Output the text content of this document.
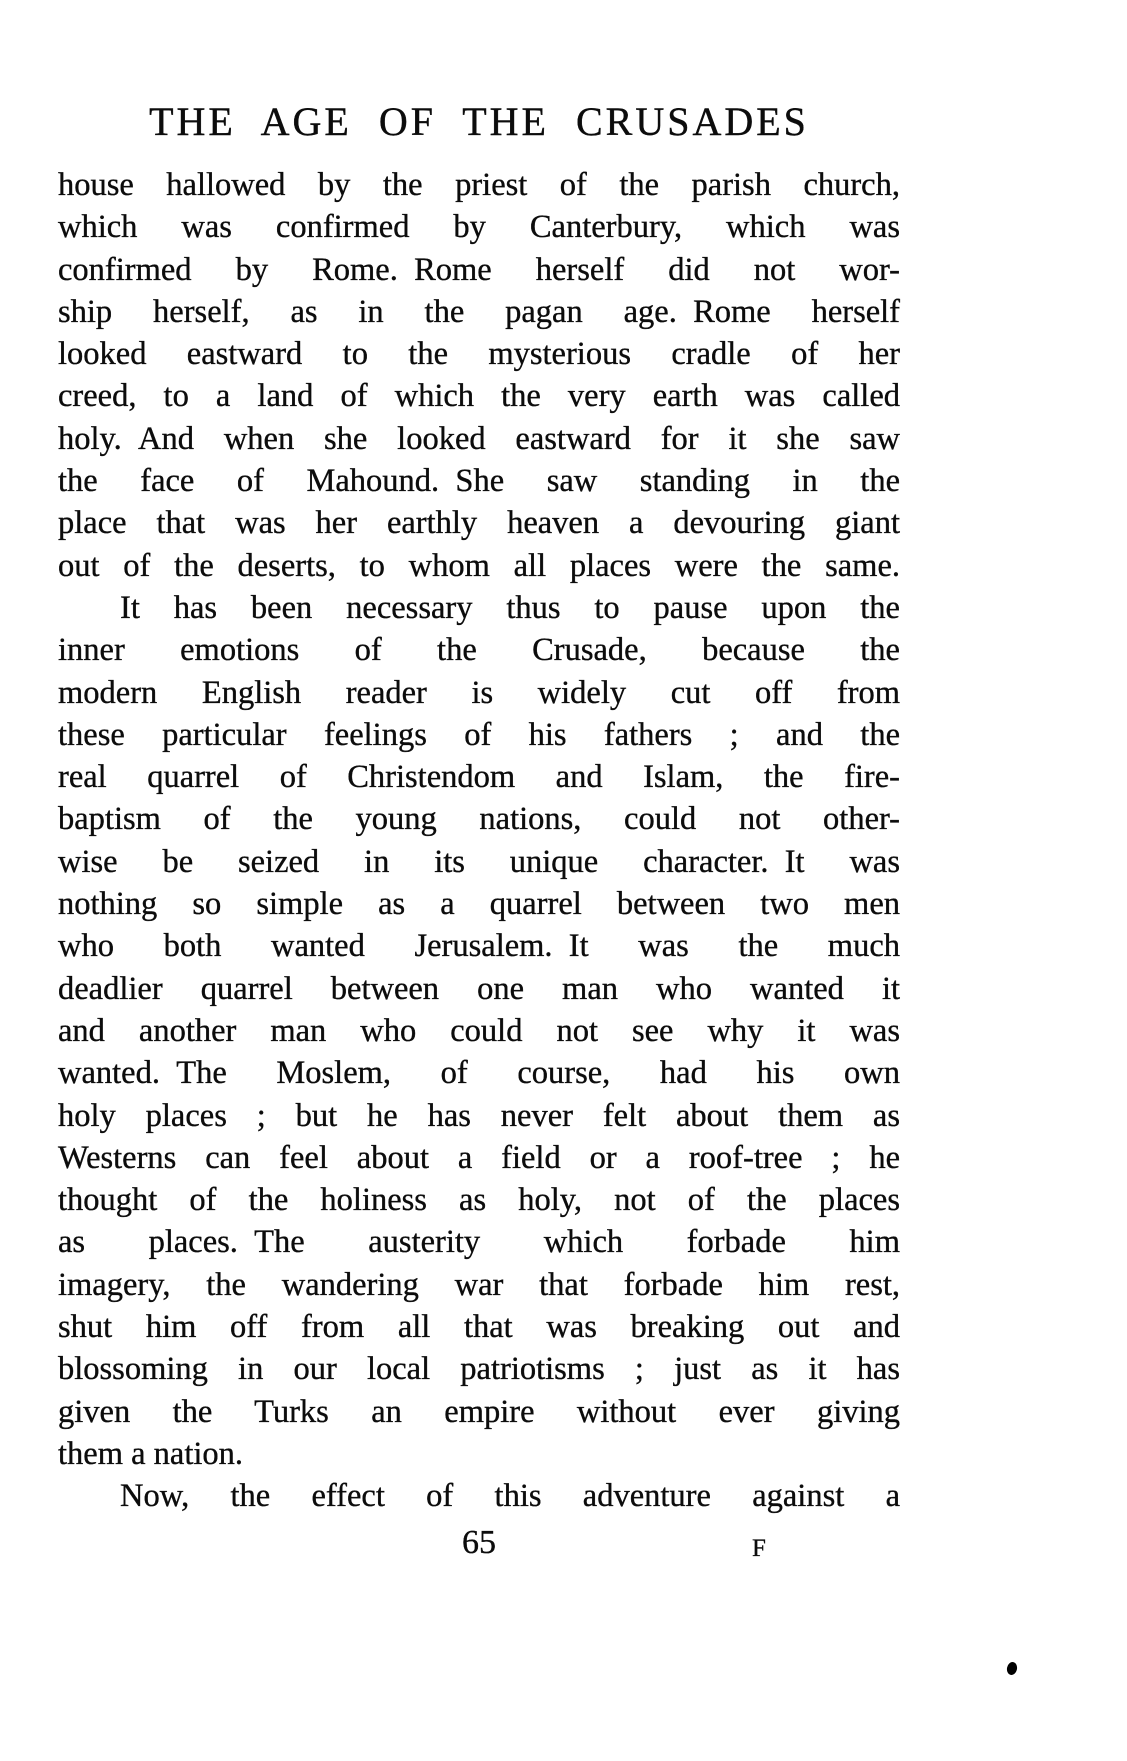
THE AGE OF THE CRUSADES
house hallowed by the priest of the parish church,
which was confirmed by Canterbury, which was
confirmed by Rome. Rome herself did not wor-
ship herself, as in the pagan age. Rome herself
looked eastward to the mysterious cradle of her
creed, to a land of which the very earth was called
holy. And when she looked eastward for it she saw
the face of Mahound. She saw standing in the
place that was her earthly heaven a devouring giant
out of the deserts, to whom all places were the same.
It has been necessary thus to pause upon the
inner emotions of the Crusade, because the
modern English reader is widely cut off from
these particular feelings of his fathers ; and the
real quarrel of Christendom and Islam, the fire-
baptism of the young nations, could not other-
wise be seized in its unique character. It was
nothing so simple as a quarrel between two men
who both wanted Jerusalem. It was the much
deadlier quarrel between one man who wanted it
and another man who could not see why it was
wanted. The Moslem, of course, had his own
holy places ; but he has never felt about them as
Westerns can feel about a field or a roof-tree ; he
thought of the holiness as holy, not of the places
as places. The austerity which forbade him
imagery, the wandering war that forbade him rest,
shut him off from all that was breaking out and
blossoming in our local patriotisms ; just as it has
given the Turks an empire without ever giving
them a nation.
Now, the effect of this adventure against a
65	F
